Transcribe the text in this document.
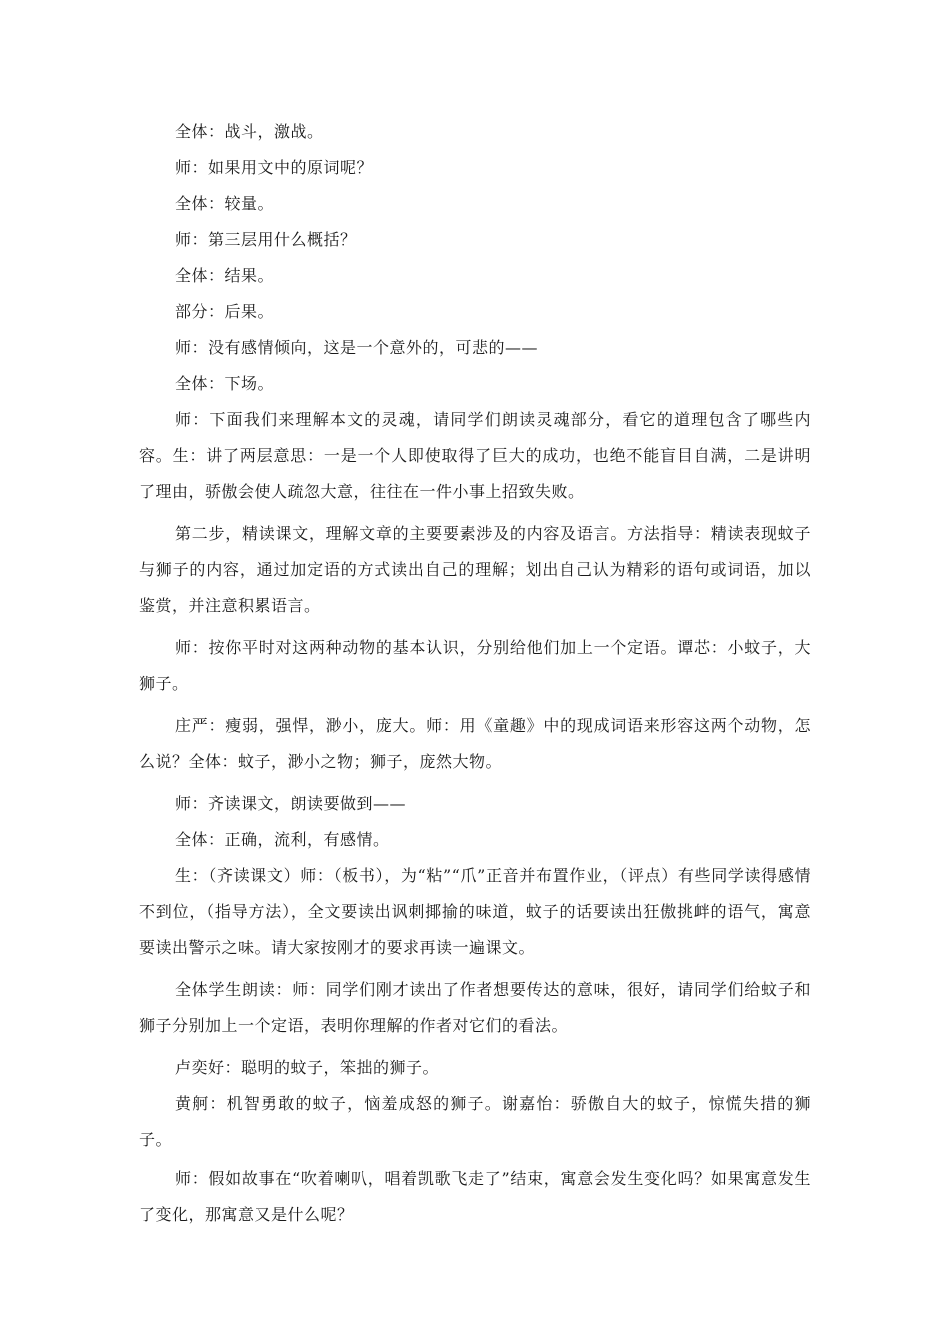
全体：战斗，激战。

师：如果用文中的原词呢？

全体：较量。

师：第三层用什么概括？

全体：结果。

部分：后果。

师：没有感情倾向，这是一个意外的，可悲的——

全体：下场。

师：下面我们来理解本文的灵魂，请同学们朗读灵魂部分，看它的道理包含了哪些内容。生：讲了两层意思：一是一个人即使取得了巨大的成功，也绝不能盲目自满，二是讲明了理由，骄傲会使人疏忽大意，往往在一件小事上招致失败。

第二步，精读课文，理解文章的主要要素涉及的内容及语言。方法指导：精读表现蚊子与狮子的内容，通过加定语的方式读出自己的理解；划出自己认为精彩的语句或词语，加以鉴赏，并注意积累语言。

师：按你平时对这两种动物的基本认识，分别给他们加上一个定语。谭芯：小蚊子，大狮子。

庄严：瘦弱，强悍，渺小，庞大。师：用《童趣》中的现成词语来形容这两个动物，怎么说？全体：蚊子，渺小之物；狮子，庞然大物。

师：齐读课文，朗读要做到——

全体：正确，流利，有感情。

生：（齐读课文）师：（板书），为“粘”“爪”正音并布置作业，（评点）有些同学读得感情不到位，（指导方法），全文要读出讽刺揶揄的味道，蚊子的话要读出狂傲挑衅的语气，寓意要读出警示之味。请大家按刚才的要求再读一遍课文。

全体学生朗读：师：同学们刚才读出了作者想要传达的意味，很好，请同学们给蚊子和狮子分别加上一个定语，表明你理解的作者对它们的看法。

卢奕好：聪明的蚊子，笨拙的狮子。

黄舸：机智勇敢的蚊子，恼羞成怒的狮子。谢嘉怡：骄傲自大的蚊子，惊慌失措的狮子。

师：假如故事在“吹着喇叭，唱着凯歌飞走了”结束，寓意会发生变化吗？如果寓意发生了变化，那寓意又是什么呢？
